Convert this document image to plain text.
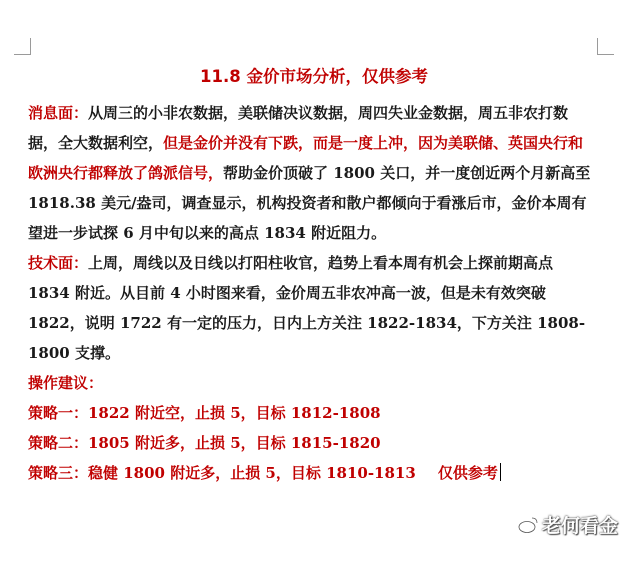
11.8 金价市场分析，仅供参考

消息面：从周三的小非农数据，美联储决议数据，周四失业金数据，周五非农打数据，全大数据利空，但是金价并没有下跌，而是一度上冲，因为美联储、英国央行和欧洲央行都释放了鸽派信号，帮助金价顶破了 1800 关口，并一度创近两个月新高至 1818.38 美元/盎司，调查显示，机构投资者和散户都倾向于看涨后市，金价本周有望进一步试探 6 月中旬以来的高点 1834 附近阻力。

技术面：上周，周线以及日线以打阳柱收官，趋势上看本周有机会上探前期高点 1834 附近。从目前 4 小时图来看，金价周五非农冲高一波，但是未有效突破 1822，说明 1722 有一定的压力，日内上方关注 1822-1834，下方关注 1808-1800 支撑。

操作建议：

策略一：1822 附近空，止损 5，目标 1812-1808

策略二：1805 附近多，止损 5，目标 1815-1820

策略三：稳健 1800 附近多，止损 5，目标 1810-1813 仅供参考

老何看金
